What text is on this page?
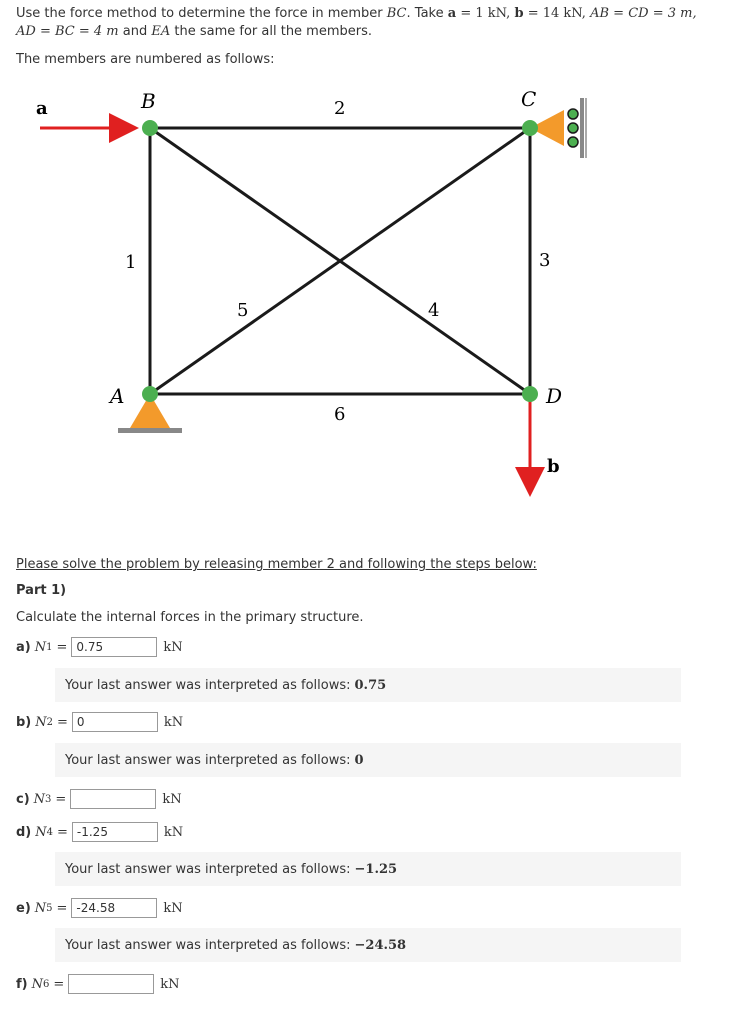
Use the force method to determine the force in member BC. Take a = 1 kN, b = 14 kN, AB = CD = 3 m,
AD = BC = 4 m and EA the same for all the members.
The members are numbered as follows:
a
b
B	C
A	D
1
2
3
4
5
6
Please solve the problem by releasing member 2 and following the steps below:
Part 1)
Calculate the internal forces in the primary structure.
a) N 1 =
0.75	kN
Your last answer was interpreted as follows: 0.75
b) N 2 =
0	kN
Your last answer was interpreted as follows: 0
c) N 3 =	kN
d) N 4 =
-1.25	kN
Your last answer was interpreted as follows: −1.25
e) N 5 =
-24.58	kN
Your last answer was interpreted as follows: −24.58
f) N 6 =	kN
